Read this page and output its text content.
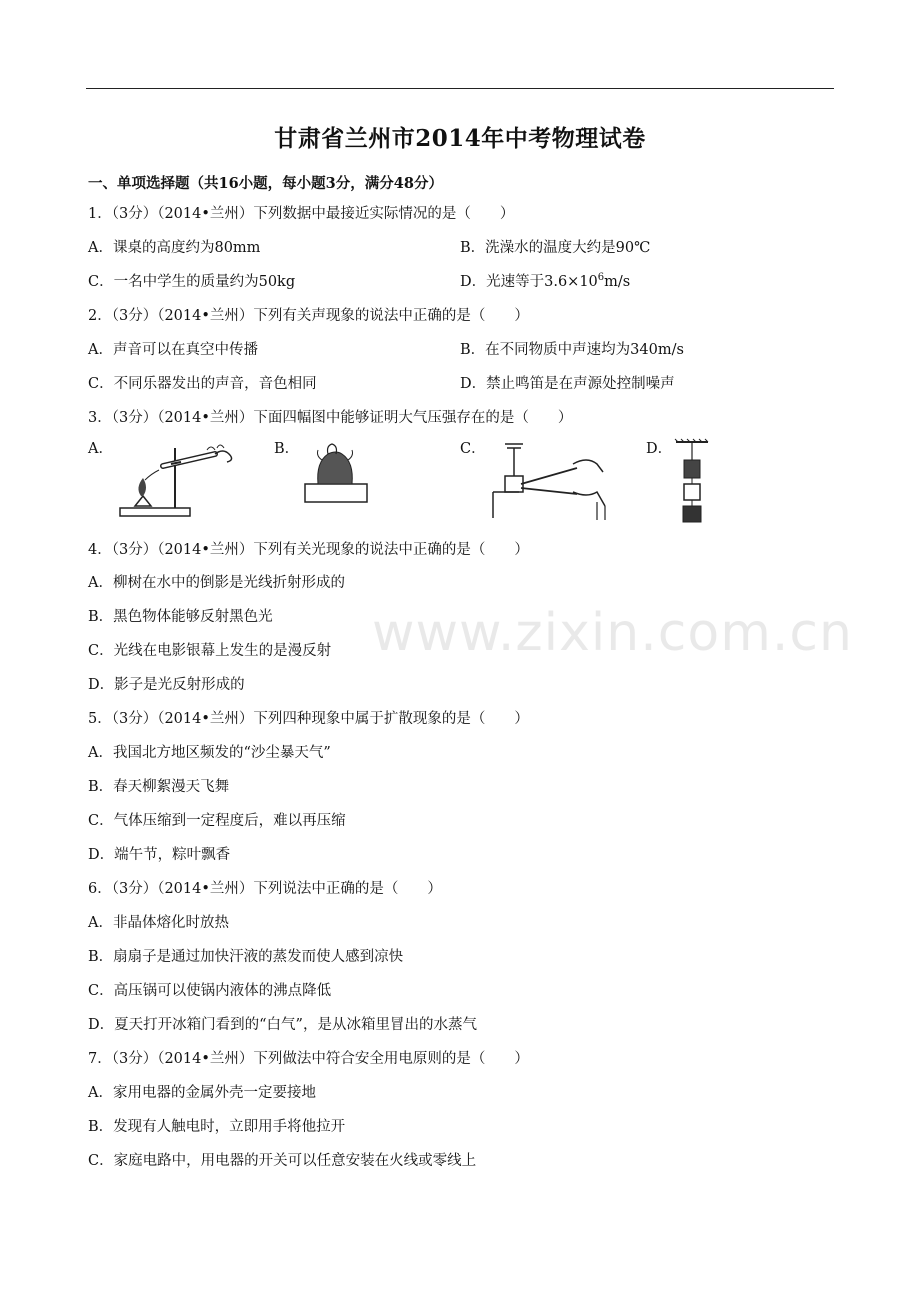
甘肃省兰州市2014年中考物理试卷
一、单项选择题（共16小题，每小题3分，满分48分）
www.zixin.com.cn
1．（3分）（2014•兰州）下列数据中最接近实际情况的是（　　）
A．课桌的高度约为80mm	B．洗澡水的温度大约是90℃
C．一名中学生的质量约为50kg	D．光速等于$3.6\times 10^6m/s$
2．（3分）（2014•兰州）下列有关声现象的说法中正确的是（　　）
A．声音可以在真空中传播	B．在不同物质中声速均为340m/s
C．不同乐器发出的声音，音色相同	D．禁止鸣笛是在声源处控制噪声
3．（3分）（2014•兰州）下面四幅图中能够证明大气压强存在的是（　　）
A．	B．	C．	D．
4．（3分）（2014•兰州）下列有关光现象的说法中正确的是（　　）
A．柳树在水中的倒影是光线折射形成的
B．黑色物体能够反射黑色光
C．光线在电影银幕上发生的是漫反射
D．影子是光反射形成的
5．（3分）（2014•兰州）下列四种现象中属于扩散现象的是（　　）
A．我国北方地区频发的“沙尘暴天气”
B．春天柳絮漫天飞舞
C．气体压缩到一定程度后，难以再压缩
D．端午节，粽叶飘香
6．（3分）（2014•兰州）下列说法中正确的是（　　）
A．非晶体熔化时放热
B．扇扇子是通过加快汗液的蒸发而使人感到凉快
C．高压锅可以使锅内液体的沸点降低
D．夏天打开冰箱门看到的“白气”，是从冰箱里冒出的水蒸气
7．（3分）（2014•兰州）下列做法中符合安全用电原则的是（　　）
A．家用电器的金属外壳一定要接地
B．发现有人触电时，立即用手将他拉开
C．家庭电路中，用电器的开关可以任意安装在火线或零线上
